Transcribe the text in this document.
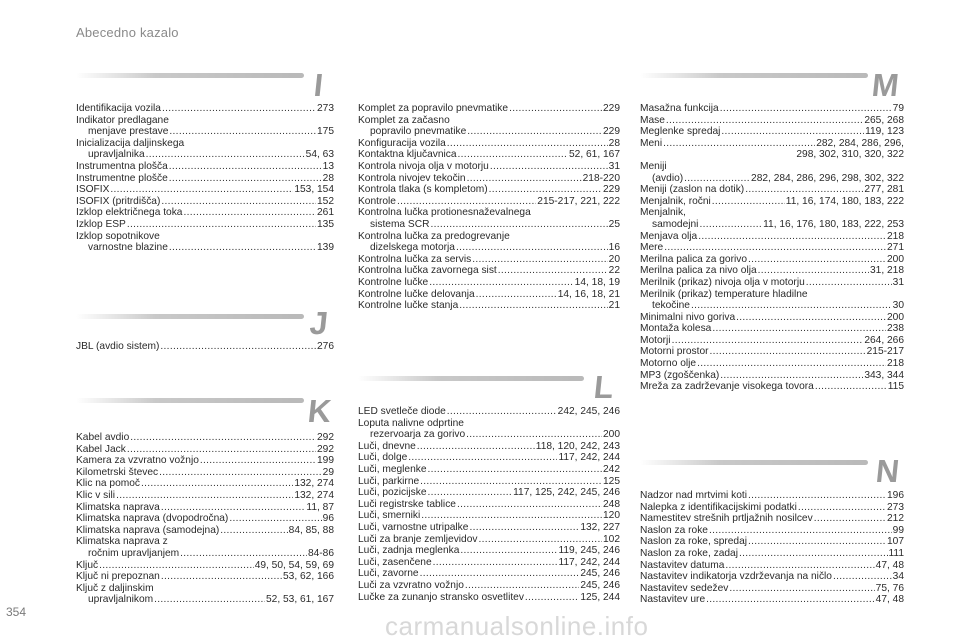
Abecedno kazalo
I
Identifikacija vozila .....	273
Indikator predlagane
menjave prestave .....	175
Inicializacija daljinskega
upravljalnika .....	54, 63
Instrumentna plošča .....	13
Instrumentne plošče .....	28
ISOFIX .....	153, 154
ISOFIX (pritrdišča) .....	152
Izklop električnega toka .....	261
Izklop ESP .....	135
Izklop sopotnikove
varnostne blazine .....	139
J
JBL (avdio sistem) .....	276
K
Kabel avdio .....	292
Kabel Jack .....	292
Kamera za vzvratno vožnjo .....	199
Kilometrski števec .....	29
Klic na pomoč .....	132, 274
Klic v sili .....	132, 274
Klimatska naprava .....	11, 87
Klimatska naprava (dvopodročna) .....	96
Klimatska naprava (samodejna) .....	84, 85, 88
Klimatska naprava z
ročnim upravljanjem .....	84-86
Ključ .....	49, 50, 54, 59, 69
Ključ ni prepoznan .....	53, 62, 166
Ključ z daljinskim
upravljalnikom .....	52, 53, 61, 167
Komplet za popravilo pnevmatike .....	229
Komplet za začasno
popravilo pnevmatike .....	229
Konfiguracija vozila .....	28
Kontaktna ključavnica .....	52, 61, 167
Kontrola nivoja olja v motorju .....	31
Kontrola nivojev tekočin .....	218-220
Kontrola tlaka (s kompletom) .....	229
Kontrole .....	215-217, 221, 222
Kontrolna lučka protionesnaževalnega
sistema SCR .....	25
Kontrolna lučka za predogrevanje
dizelskega motorja .....	16
Kontrolna lučka za servis .....	20
Kontrolna lučka zavornega sist .....	22
Kontrolne lučke .....	14, 18, 19
Kontrolne lučke delovanja .....	14, 16, 18, 21
Kontrolne lučke stanja .....	21
L
LED svetleče diode .....	242, 245, 246
Loputa nalivne odprtine
rezervoarja za gorivo .....	200
Luči, dnevne .....	118, 120, 242, 243
Luči, dolge .....	117, 242, 244
Luči, meglenke .....	242
Luči, parkirne .....	125
Luči, pozicijske .....	117, 125, 242, 245, 246
Luči registrske tablice .....	248
Luči, smerniki .....	120
Luči, varnostne utripalke .....	132, 227
Luči za branje zemljevidov .....	102
Luči, zadnja meglenka .....	119, 245, 246
Luči, zasenčene .....	117, 242, 244
Luči, zavorne .....	245, 246
Luči za vzvratno vožnjo .....	245, 246
Lučke za zunanjo stransko osvetlitev .....	125, 244
M
Masažna funkcija .....	79
Mase .....	265, 268
Meglenke spredaj .....	119, 123
Meni .....	282, 284, 286, 296,
298, 302, 310, 320, 322
Meniji
(avdio) .....	282, 284, 286, 296, 298, 302, 322
Meniji (zaslon na dotik) .....	277, 281
Menjalnik, ročni .....	11, 16, 174, 180, 183, 222
Menjalnik,
samodejni .....	11, 16, 176, 180, 183, 222, 253
Menjava olja .....	218
Mere .....	271
Merilna palica za gorivo .....	200
Merilna palica za nivo olja .....	31, 218
Merilnik (prikaz) nivoja olja v motorju .....	31
Merilnik (prikaz) temperature hladilne
tekočine .....	30
Minimalni nivo goriva .....	200
Montaža kolesa .....	238
Motorji .....	264, 266
Motorni prostor .....	215-217
Motorno olje .....	218
MP3 (zgoščenka) .....	343, 344
Mreža za zadrževanje visokega tovora .....	115
N
Nadzor nad mrtvimi koti .....	196
Nalepka z identifikacijskimi podatki .....	273
Namestitev strešnih prtljažnih nosilcev .....	212
Naslon za roke .....	99
Naslon za roke, spredaj .....	107
Naslon za roke, zadaj .....	111
Nastavitev datuma .....	47, 48
Nastavitev indikatorja vzdrževanja na ničlo .....	34
Nastavitev sedežev .....	75, 76
Nastavitev ure .....	47, 48
354	carmanualsonline.info
